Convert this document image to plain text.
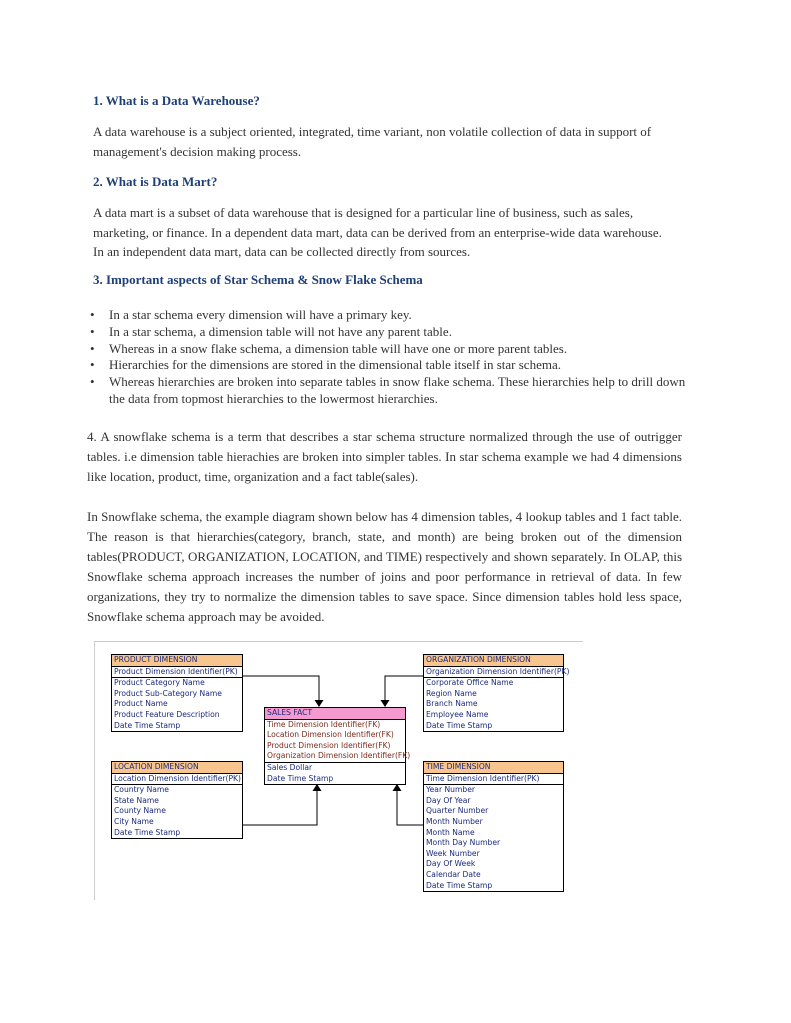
1. What is a Data Warehouse?
A data warehouse is a subject oriented, integrated, time variant, non volatile collection of data in support of
management's decision making process.
2. What is Data Mart?
A data mart is a subset of data warehouse that is designed for a particular line of business, such as sales,
marketing, or finance. In a dependent data mart, data can be derived from an enterprise-wide data warehouse.
In an independent data mart, data can be collected directly from sources.
3. Important aspects of Star Schema & Snow Flake Schema
• In a star schema every dimension will have a primary key.
• In a star schema, a dimension table will not have any parent table.
• Whereas in a snow flake schema, a dimension table will have one or more parent tables.
• Hierarchies for the dimensions are stored in the dimensional table itself in star schema.
• Whereas hierarchies are broken into separate tables in snow flake schema. These hierarchies help to drill down the data from topmost hierarchies to the lowermost hierarchies.
4. A snowflake schema is a term that describes a star schema structure normalized through the use of outrigger tables. i.e dimension table hierachies are broken into simpler tables. In star schema example we had 4 dimensions like location, product, time, organization and a fact table(sales).
In Snowflake schema, the example diagram shown below has 4 dimension tables, 4 lookup tables and 1 fact table. The reason is that hierarchies(category, branch, state, and month) are being broken out of the dimension tables(PRODUCT, ORGANIZATION, LOCATION, and TIME) respectively and shown separately. In OLAP, this Snowflake schema approach increases the number of joins and poor performance in retrieval of data. In few organizations, they try to normalize the dimension tables to save space. Since dimension tables hold less space, Snowflake schema approach may be avoided.
PRODUCT DIMENSION
Product Dimension Identifier(PK)
Product Category Name
Product Sub-Category Name
Product Name
Product Feature Description
Date Time Stamp
ORGANIZATION DIMENSION
Organization Dimension Identifier(PK)
Corporate Office Name
Region Name
Branch Name
Employee Name
Date Time Stamp
SALES FACT
Time Dimension Identifier(FK)
Location Dimension Identifier(FK)
Product Dimension Identifier(FK)
Organization Dimension Identifier(FK)
Sales Dollar
Date Time Stamp
LOCATION DIMENSION
Location Dimension Identifier(PK)
Country Name
State Name
County Name
City Name
Date Time Stamp
TIME DIMENSION
Time Dimension Identifier(PK)
Year Number
Day Of Year
Quarter Number
Month Number
Month Name
Month Day Number
Week Number
Day Of Week
Calendar Date
Date Time Stamp
